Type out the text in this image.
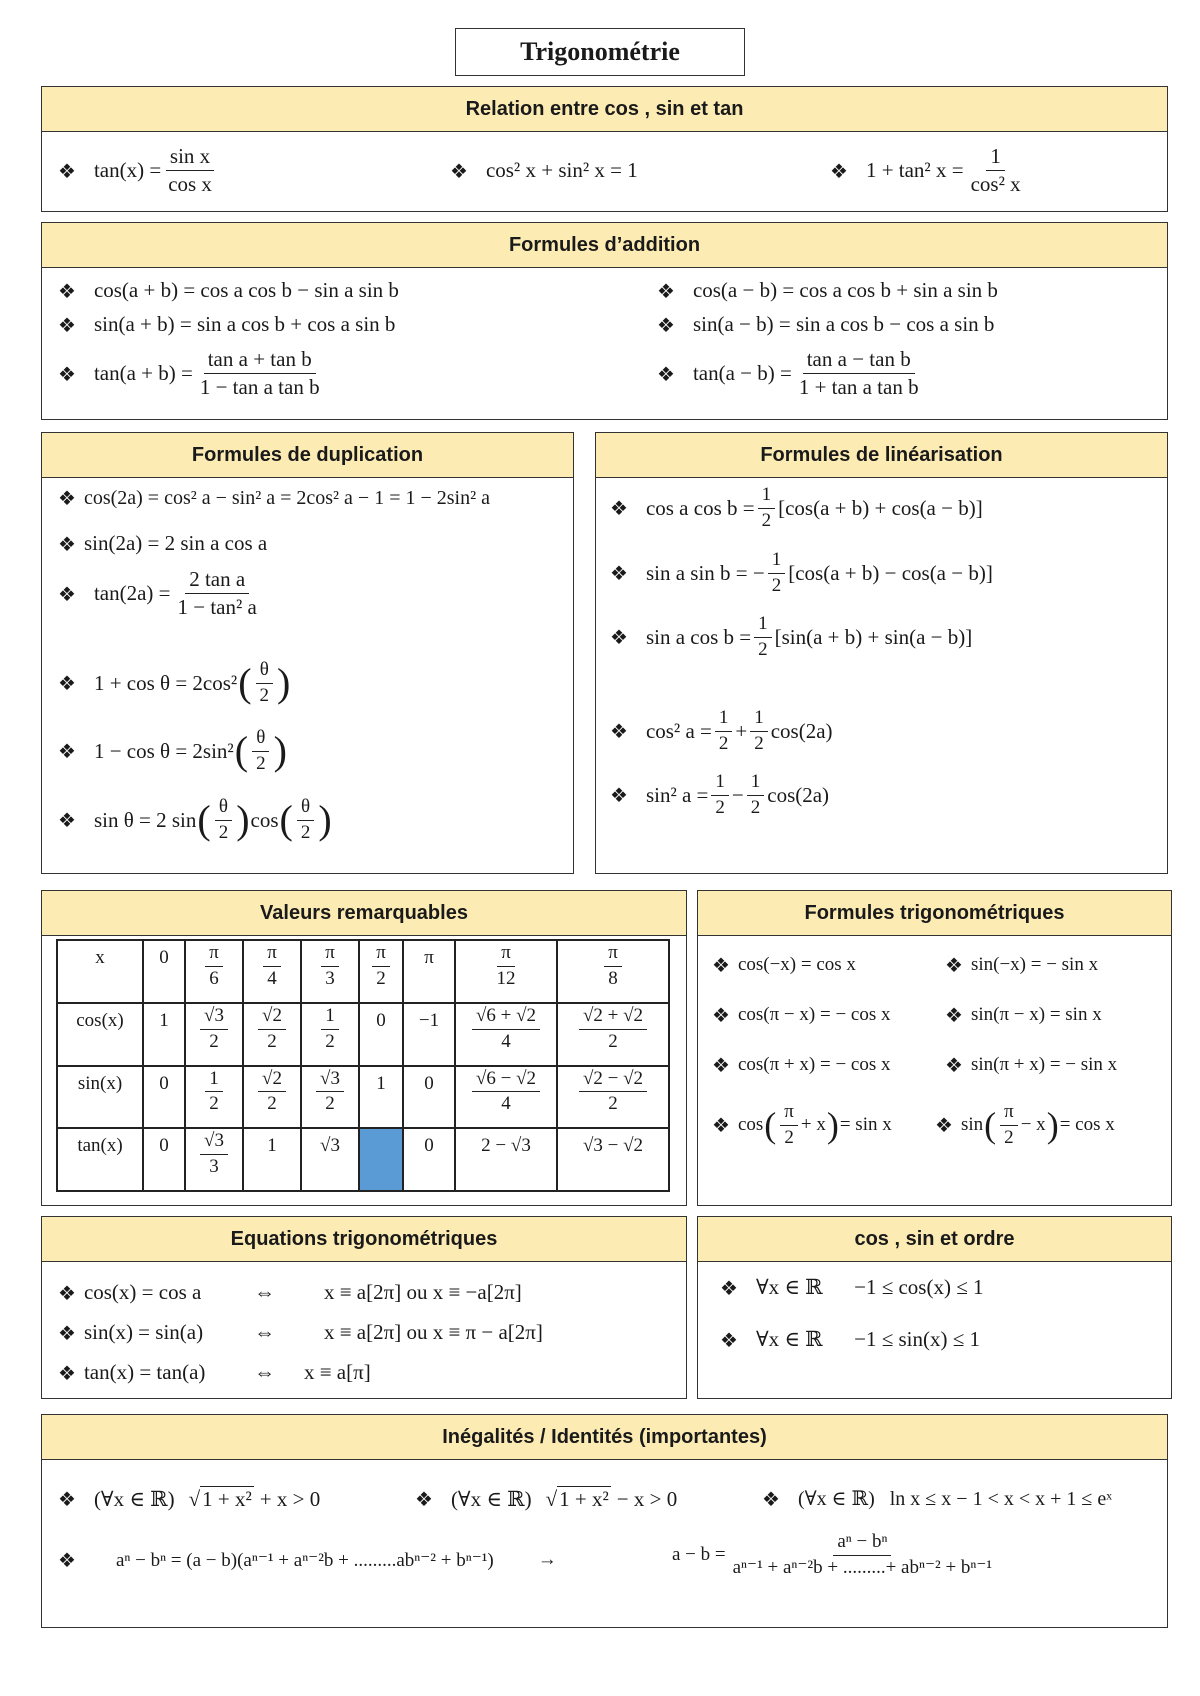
Trigonométrie
Relation entre cos , sin et tan
❖ $\tan(x) = \frac{\text{sin x}}{\text{cos x}}$	❖ cos² x + sin² x = 1	❖ 1 + tan² $x = \frac{1}{\text{cos² x}}$
Formules d’addition
❖ cos(a + b) = cos a cos b − sin a sin b
❖ sin(a + b) = sin a cos b + cos a sin b
❖ $\tan(a + b) = \frac{\text{tan a + tan b}}{\text{1 − tan a tan b}}$
❖ cos(a − b) = cos a cos b + sin a sin b
❖ sin(a − b) = sin a cos b − cos a sin b
❖ $\tan(a - b) = \frac{\text{tan a − tan b}}{\text{1 + tan a tan b}}$
Formules de duplication
❖ cos(2a) = cos² a − sin² a = 2cos² a − 1 = 1 − 2sin² a
❖ sin(2a) = 2 sin a cos a
❖ $\tan(2a) = \frac{\text{2 tan a}}{\text{1 − tan² a}}$
❖ 1 + cos θ = 2cos² ( θ
2 )
❖ 1 − cos θ = 2sin² ( θ
2 )
❖ sin θ = 2 sin ( θ
2 ) cos ( θ
2 )
Formules de linéarisation
❖ cos a $\cos b = \frac{1}{2} [\cos(a + b) + \cos(a - b)]$
❖ sin a sin b = − $\frac{1}{2} [\cos(a + b) - \cos(a - b)]$
❖ sin a $\cos b = \frac{1}{2} [\sin(a + b) + \sin(a - b)]$
❖ cos² $a = \frac{1}{2} + \frac{1}{2} \cos(2a)$
❖ sin² $a = \frac{1}{2} - \frac{1}{2} \cos(2a)$
Valeurs remarquables
x	0	$\frac{\pi}{6}$	$\frac{\pi}{4}$	$\frac{\pi}{3}$	$\frac{\pi}{2}$	π	$\frac{\pi}{12}$	$\frac{\pi}{8}$

cos(x)	1	$\frac{√3}{2}$	$\frac{√2}{2}$	$\frac{1}{2}$	0	−1	$\frac{√6 + √2}{4}$	$\frac{√2 + √2}{2}$

sin(x)	0	$\frac{1}{2}$	$\frac{√2}{2}$	$\frac{√3}{2}$	1	0	$\frac{√6 - √2}{4}$	$\frac{√2 - √2}{2}$

tan(x)	0	$\frac{√3}{3}$	1	√3		0	2 − √3	√3 − √2
Formules trigonométriques
❖ cos(−x) = cos x	❖ sin(−x) = − sin x
❖ cos(π − x) = − cos x	❖ sin(π − x) = sin x
❖ cos(π + x) = − cos x	❖ sin(π + x) = − sin x
❖ cos ( π
2
+ x ) = sin x ❖ sin ( π
2
− x ) = cos x
Equations trigonométriques
❖ cos(x) = cos a	⇔	x ≡ a[2π] ou x ≡ −a[2π]
❖ sin(x) = sin(a)	⇔	x ≡ a[2π] ou x ≡ π − a[2π]
❖ tan(x) = tan(a)	⇔	x ≡ a[π]
cos , sin et ordre
❖ ∀x ∈ ℝ      −1 ≤ cos(x) ≤ 1
❖ ∀x ∈ ℝ      −1 ≤ sin(x) ≤ 1
Inégalités / Identités (importantes)
❖ (∀x ∈ ℝ) √ 1 + x² + x > 0	❖ (∀x ∈ ℝ) √ 1 + x² − x > 0	❖ (∀x ∈ ℝ)   ln x ≤ x − 1 < x < x + 1 ≤ eˣ
❖ aⁿ − bⁿ = (a − b)(aⁿ⁻¹ + aⁿ⁻²b + .........abⁿ⁻² + bⁿ⁻¹) →	a − b =
aⁿ − bⁿ
aⁿ⁻¹ + aⁿ⁻²b + .........+ abⁿ⁻² + bⁿ⁻¹
